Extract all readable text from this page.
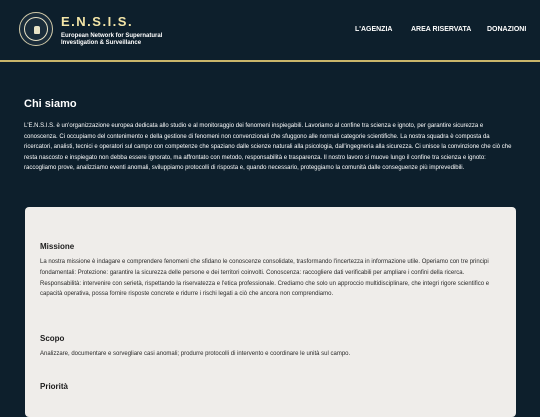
E.N.S.I.S.
European Network for Supernatural Investigation & Surveillance
L'AGENZIA	AREA RISERVATA DONAZIONI
Chi siamo
L'E.N.S.I.S. è un'organizzazione europea dedicata allo studio e al monitoraggio dei fenomeni inspiegabili. Lavoriamo al confine tra scienza e ignoto, per garantire sicurezza e conoscenza. Ci occupiamo del contenimento e della gestione di fenomeni non convenzionali che sfuggono alle normali categorie scientifiche. La nostra squadra è composta da ricercatori, analisti, tecnici e operatori sul campo con competenze che spaziano dalle scienze naturali alla psicologia, dall'ingegneria alla sicurezza. Ci unisce la convinzione che ciò che resta nascosto e inspiegato non debba essere ignorato, ma affrontato con metodo, responsabilità e trasparenza. Il nostro lavoro si muove lungo il confine tra scienza e ignoto: raccogliamo prove, analizziamo eventi anomali, sviluppiamo protocolli di risposta e, quando necessario, proteggiamo la comunità dalle conseguenze più imprevedibili.
Missione
La nostra missione è indagare e comprendere fenomeni che sfidano le conoscenze consolidate, trasformando l'incertezza in informazione utile. Operiamo con tre principi fondamentali: Protezione: garantire la sicurezza delle persone e dei territori coinvolti. Conoscenza: raccogliere dati verificabili per ampliare i confini della ricerca. Responsabilità: intervenire con serietà, rispettando la riservatezza e l'etica professionale. Crediamo che solo un approccio multidisciplinare, che integri rigore scientifico e capacità operativa, possa fornire risposte concrete e ridurre i rischi legati a ciò che ancora non comprendiamo.
Scopo
Analizzare, documentare e sorvegliare casi anomali; produrre protocolli di intervento e coordinare le unità sul campo.
Priorità
